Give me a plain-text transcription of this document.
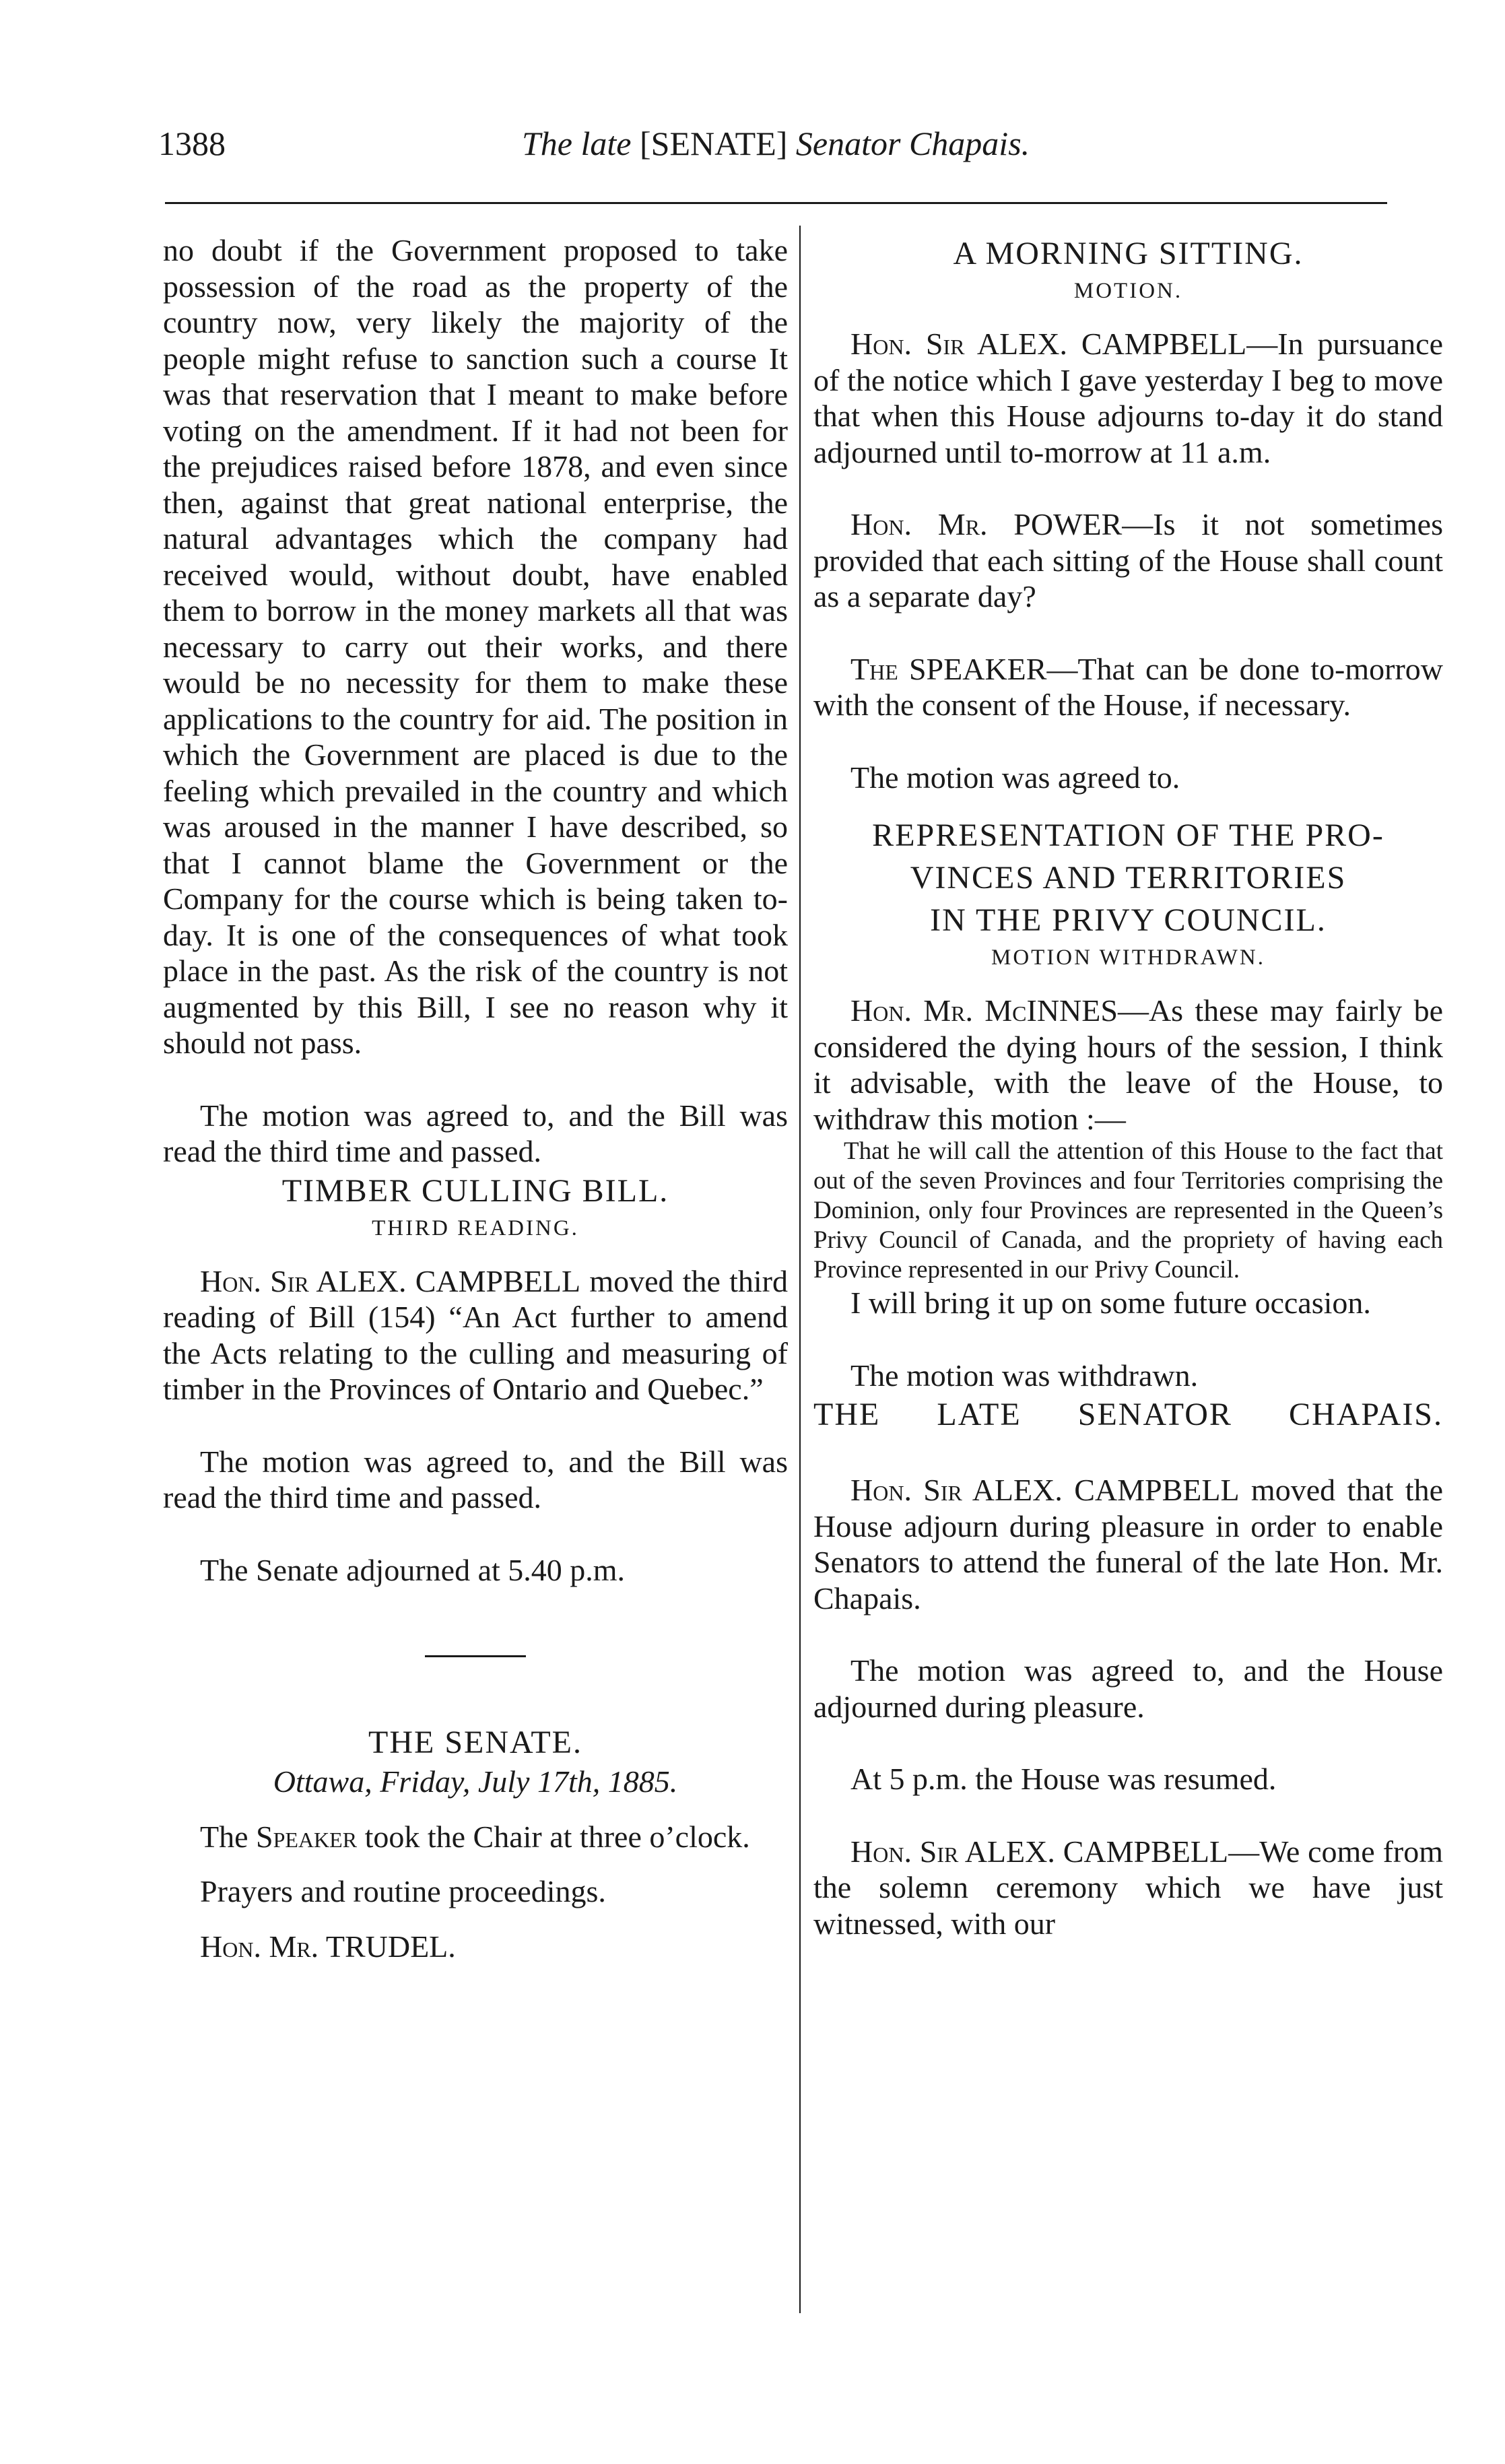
1388	The late [SENATE] Senator Chapais.

no doubt if the Government proposed to take possession of the road as the property of the country now, very likely the majority of the people might refuse to sanction such a course It was that reservation that I meant to make before voting on the amendment. If it had not been for the prejudices raised before 1878, and even since then, against that great national enterprise, the natural advantages which the company had received would, without doubt, have enabled them to borrow in the money markets all that was necessary to carry out their works, and there would be no necessity for them to make these applications to the country for aid. The position in which the Government are placed is due to the feeling which prevailed in the country and which was aroused in the manner I have described, so that I cannot blame the Government or the Company for the course which is being taken to-day. It is one of the consequences of what took place in the past. As the risk of the country is not augmented by this Bill, I see no reason why it should not pass.

The motion was agreed to, and the Bill was read the third time and passed.

TIMBER CULLING BILL.

THIRD READING.

Hon. Sir ALEX. CAMPBELL moved the third reading of Bill (154) “An Act further to amend the Acts relating to the culling and measuring of timber in the Provinces of Ontario and Quebec.”

The motion was agreed to, and the Bill was read the third time and passed.

The Senate adjourned at 5.40 p.m.

THE SENATE.

Ottawa, Friday, July 17th, 1885.

The Speaker took the Chair at three o’clock.

Prayers and routine proceedings.

Hon. Mr. TRUDEL.

A MORNING SITTING.

MOTION.

Hon. Sir ALEX. CAMPBELL—In pursuance of the notice which I gave yesterday I beg to move that when this House adjourns to-day it do stand adjourned until to-morrow at 11 a.m.

Hon. Mr. POWER—Is it not sometimes provided that each sitting of the House shall count as a separate day?

The SPEAKER—That can be done to-morrow with the consent of the House, if necessary.

The motion was agreed to.

REPRESENTATION OF THE PRO-

VINCES AND TERRITORIES

IN THE PRIVY COUNCIL.

MOTION WITHDRAWN.

Hon. Mr. McINNES—As these may fairly be considered the dying hours of the session, I think it advisable, with the leave of the House, to withdraw this motion :—

That he will call the attention of this House to the fact that out of the seven Provinces and four Territories comprising the Dominion, only four Provinces are represented in the Queen’s Privy Council of Canada, and the propriety of having each Province represented in our Privy Council.

I will bring it up on some future occasion.

The motion was withdrawn.

THE LATE SENATOR CHAPAIS.

Hon. Sir ALEX. CAMPBELL moved that the House adjourn during pleasure in order to enable Senators to attend the funeral of the late Hon. Mr. Chapais.

The motion was agreed to, and the House adjourned during pleasure.

At 5 p.m. the House was resumed.

Hon. Sir ALEX. CAMPBELL—We come from the solemn ceremony which we have just witnessed, with our
